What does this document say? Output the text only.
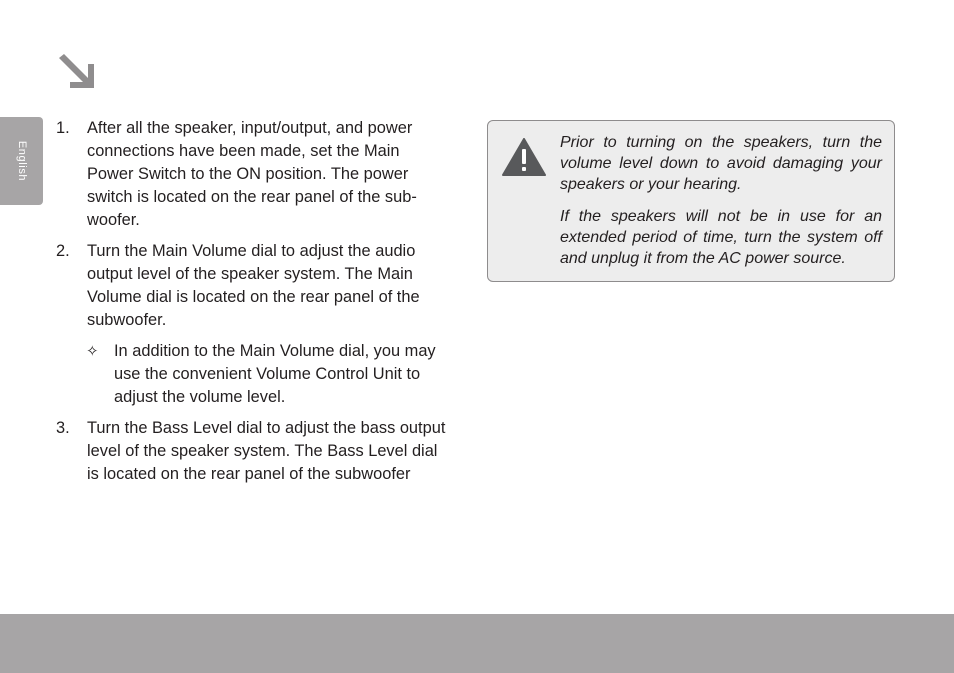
English
1. After all the speaker, input/output, and power connections have been made, set the Main Power Switch to the ON position. The power switch is located on the rear panel of the sub-woofer.
2. Turn the Main Volume dial to adjust the audio output level of the speaker system. The Main Volume dial is located on the rear panel of the subwoofer.
✧ In addition to the Main Volume dial, you may use the convenient Volume Control Unit to adjust the volume level.
3. Turn the Bass Level dial to adjust the bass output level of the speaker system. The Bass Level dial is located on the rear panel of the subwoofer

Prior to turning on the speakers, turn the volume level down to avoid damaging your speakers or your hearing.

If the speakers will not be in use for an extended period of time, turn the system off and unplug it from the AC power source.
